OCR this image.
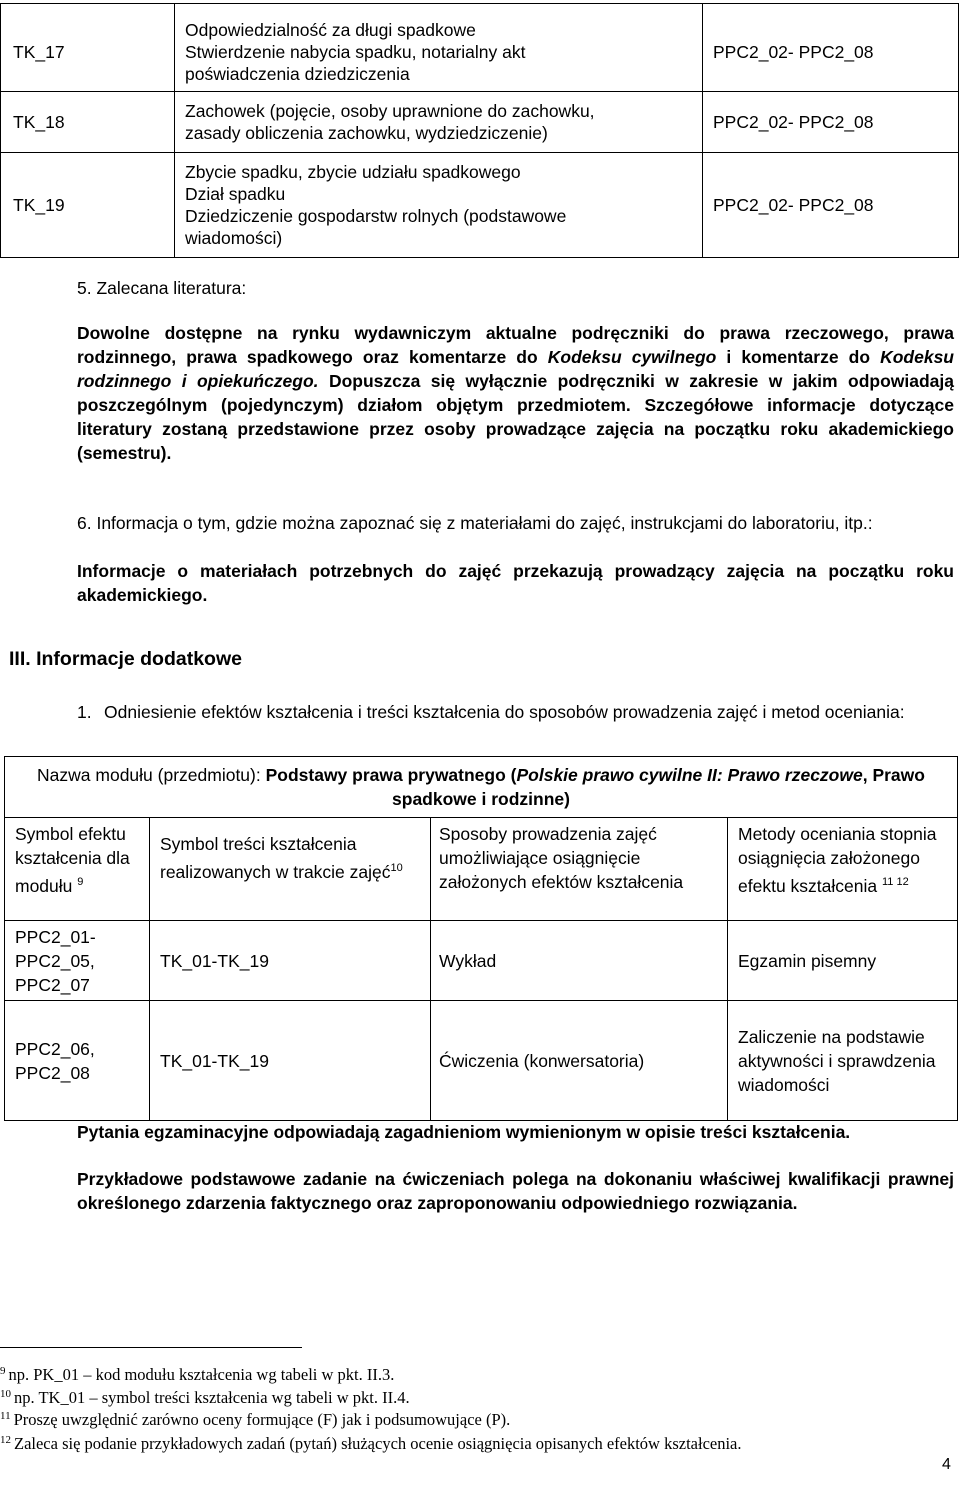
TK_17	Odpowiedzialność za długi spadkowe
Stwierdzenie nabycia spadku, notarialny akt
poświadczenia dziedziczenia	PPC2_02- PPC2_08
TK_18	Zachowek (pojęcie, osoby uprawnione do zachowku,
zasady obliczenia zachowku, wydziedziczenie)	PPC2_02- PPC2_08
TK_19	Zbycie spadku, zbycie udziału spadkowego
Dział spadku
Dziedziczenie gospodarstw rolnych (podstawowe
wiadomości)	PPC2_02- PPC2_08
5. Zalecana literatura:
Dowolne dostępne na rynku wydawniczym aktualne podręczniki do prawa rzeczowego, prawa rodzinnego, prawa spadkowego oraz komentarze do Kodeksu cywilnego i komentarze do Kodeksu rodzinnego i opiekuńczego. Dopuszcza się wyłącznie podręczniki w zakresie w jakim odpowiadają poszczególnym (pojedynczym) działom objętym przedmiotem. Szczegółowe informacje dotyczące literatury zostaną przedstawione przez osoby prowadzące zajęcia na początku roku akademickiego (semestru).
6. Informacja o tym, gdzie można zapoznać się z materiałami do zajęć, instrukcjami do laboratoriu, itp.:
Informacje o materiałach potrzebnych do zajęć przekazują prowadzący zajęcia na początku roku akademickiego.
III. Informacje dodatkowe
1. Odniesienie efektów kształcenia i treści kształcenia do sposobów prowadzenia zajęć i metod oceniania:
Nazwa modułu (przedmiotu): Podstawy prawa prywatnego (Polskie prawo cywilne II: Prawo rzeczowe, Prawo spadkowe i rodzinne)			
Symbol efektu kształcenia dla modułu $^9$	Symbol treści kształcenia realizowanych w trakcie zajęć$^{10}$	Sposoby prowadzenia zajęć umożliwiające osiągnięcie założonych efektów kształcenia	Metody oceniania stopnia osiągnięcia założonego efektu kształcenia $^{11 12}$
PPC2_01- PPC2_05, PPC2_07	TK_01-TK_19	Wykład	Egzamin pisemny
PPC2_06, PPC2_08	TK_01-TK_19	Ćwiczenia (konwersatoria)	Zaliczenie na podstawie aktywności i sprawdzenia wiadomości
Pytania egzaminacyjne odpowiadają zagadnieniom wymienionym w opisie treści kształcenia.
Przykładowe podstawowe zadanie na ćwiczeniach polega na dokonaniu właściwej kwalifikacji prawnej określonego zdarzenia faktycznego oraz zaproponowaniu odpowiedniego rozwiązania.
$^9$ np. PK_01 – kod modułu kształcenia wg tabeli w pkt. II.3.
$^{10}$ np. TK_01 – symbol treści kształcenia wg tabeli w pkt. II.4.
$^{11}$ Proszę uwzględnić zarówno oceny formujące (F) jak i podsumowujące (P).
$^{12}$ Zaleca się podanie przykładowych zadań (pytań) służących ocenie osiągnięcia opisanych efektów kształcenia.
4
